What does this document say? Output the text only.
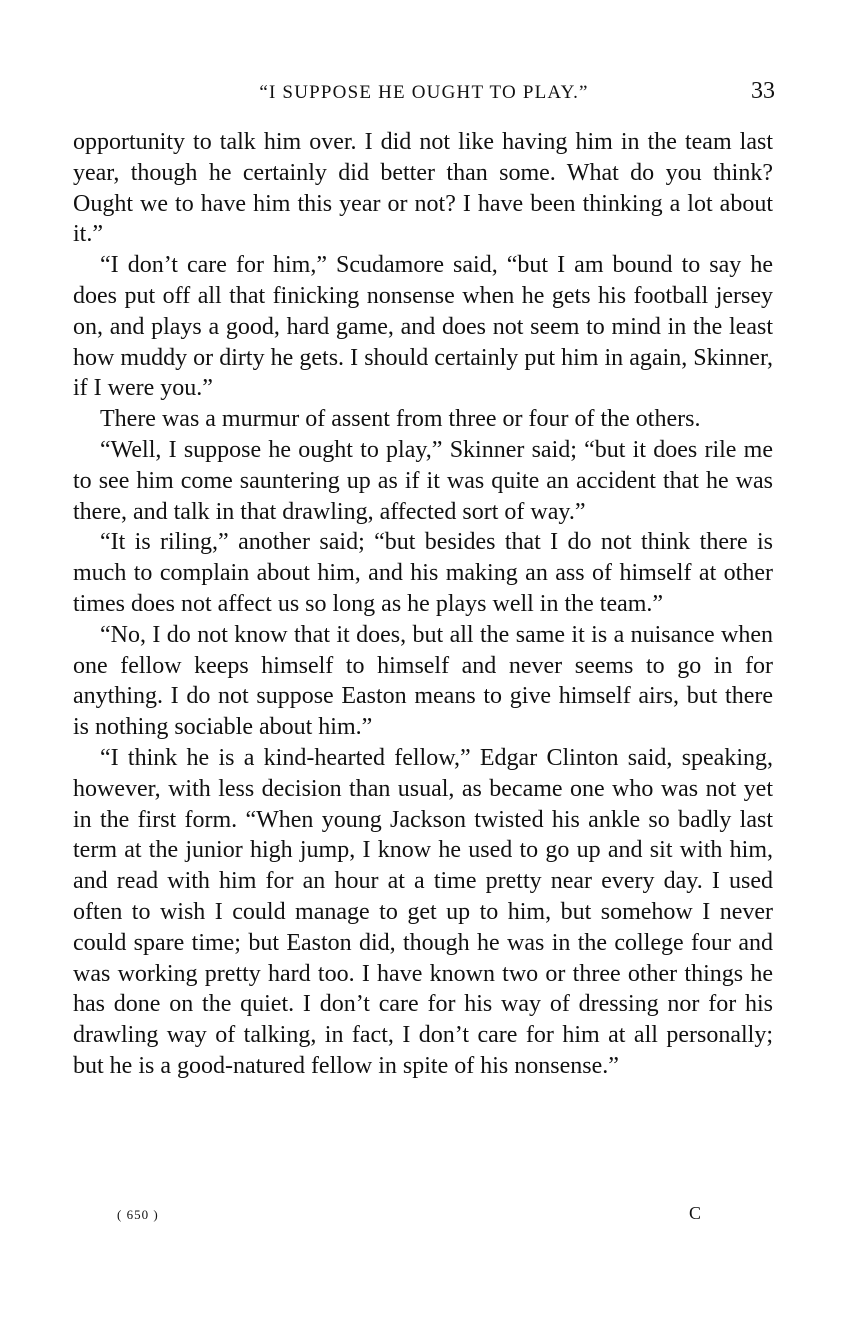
“I SUPPOSE HE OUGHT TO PLAY.”	33

opportunity to talk him over. I did not like having him in the team last year, though he certainly did better than some. What do you think? Ought we to have him this year or not? I have been thinking a lot about it.”

“I don’t care for him,” Scudamore said, “but I am bound to say he does put off all that finicking nonsense when he gets his football jersey on, and plays a good, hard game, and does not seem to mind in the least how muddy or dirty he gets. I should certainly put him in again, Skinner, if I were you.”

There was a murmur of assent from three or four of the others.

“Well, I suppose he ought to play,” Skinner said; “but it does rile me to see him come sauntering up as if it was quite an accident that he was there, and talk in that drawling, affected sort of way.”

“It is riling,” another said; “but besides that I do not think there is much to complain about him, and his making an ass of himself at other times does not affect us so long as he plays well in the team.”

“No, I do not know that it does, but all the same it is a nuisance when one fellow keeps himself to himself and never seems to go in for anything. I do not suppose Easton means to give himself airs, but there is nothing sociable about him.”

“I think he is a kind-hearted fellow,” Edgar Clinton said, speaking, however, with less decision than usual, as became one who was not yet in the first form. “When young Jackson twisted his ankle so badly last term at the junior high jump, I know he used to go up and sit with him, and read with him for an hour at a time pretty near every day. I used often to wish I could manage to get up to him, but somehow I never could spare time; but Easton did, though he was in the college four and was working pretty hard too. I have known two or three other things he has done on the quiet. I don’t care for his way of dressing nor for his drawling way of talking, in fact, I don’t care for him at all personally; but he is a good-natured fellow in spite of his nonsense.”

( 650 )	C
